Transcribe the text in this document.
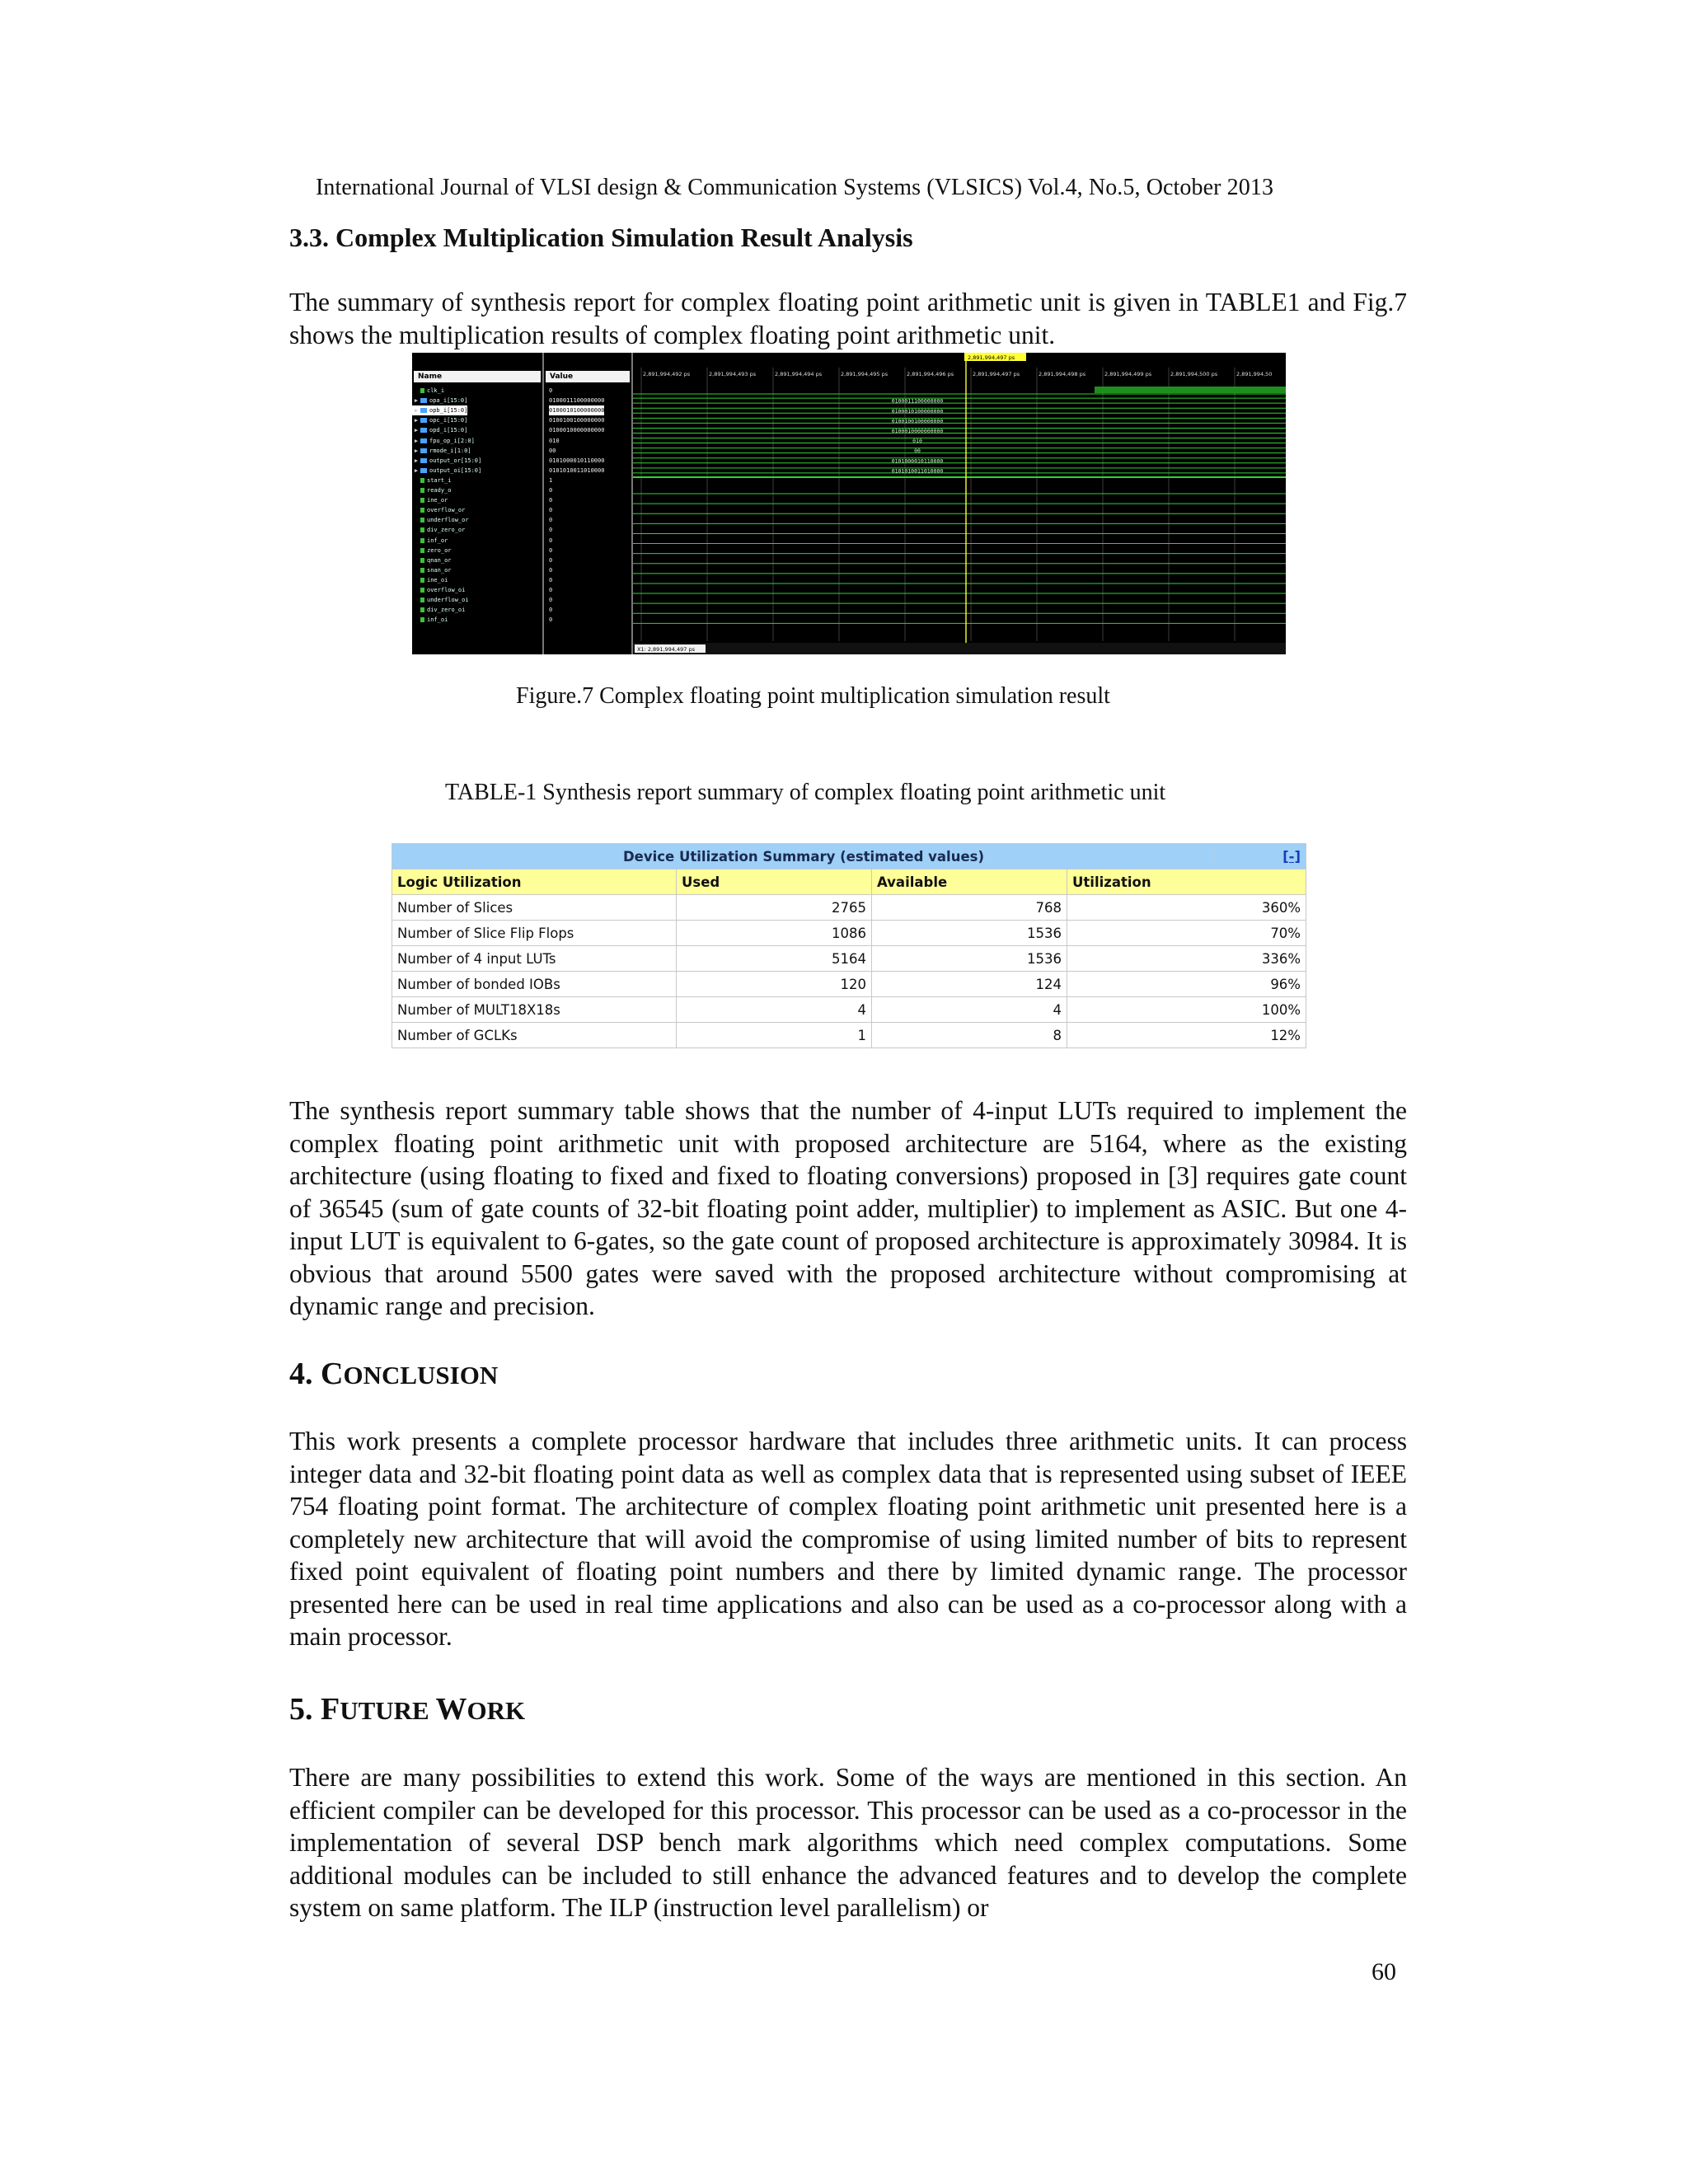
International Journal of VLSI design & Communication Systems (VLSICS) Vol.4, No.5, October 2013
3.3. Complex Multiplication Simulation Result Analysis
The summary of synthesis report for complex floating point arithmetic unit is given in TABLE1 and Fig.7 shows the multiplication results of complex floating point arithmetic unit.
Name	Value
clk_i	0
▶ opa_i[15:0]	0100011100000000
▶ opb_i[15:0]	0100010100000000
▶ opc_i[15:0]	0100100100000000
▶ opd_i[15:0]	0100010000000000
▶ fpu_op_i[2:0]	010
▶ rmode_i[1:0]	00
▶ output_or[15:0]	0101000010110000
▶ output_oi[15:0]	0101010011010000
start_i	1
ready_o	0
ine_or	0
overflow_or	0
underflow_or	0
div_zero_or	0
inf_or	0
zero_or	0
qnan_or	0
snan_or	0
ine_oi	0
overflow_oi	0
underflow_oi	0
div_zero_oi	0
inf_oi	0
2,891,994,492 ps	2,891,994,493 ps	2,891,994,494 ps	2,891,994,495 ps	2,891,994,496 ps	2,891,994,497 ps	2,891,994,498 ps	2,891,994,499 ps	2,891,994,500 ps	2,891,994,50
2,891,994,497 ps
0100011100000000
0100010100000000
0100100100000000
0100010000000000
010
00
0101000010110000
0101010011010000
X1: 2,891,994,497 ps
Figure.7 Complex floating point multiplication simulation result
TABLE-1 Synthesis report summary of complex floating point arithmetic unit
Device Utilization Summary (estimated values)				[-]
Logic Utilization	Used	Available	Utilization	
Number of Slices	2765	768	360%	
Number of Slice Flip Flops	1086	1536	70%	
Number of 4 input LUTs	5164	1536	336%	
Number of bonded IOBs	120	124	96%	
Number of MULT18X18s	4	4	100%	
Number of GCLKs	1	8	12%	
The synthesis report summary table shows that the number of 4-input LUTs required to implement the complex floating point arithmetic unit with proposed architecture are 5164, where as the existing architecture (using floating to fixed and fixed to floating conversions) proposed in [3] requires gate count of 36545 (sum of gate counts of 32-bit floating point adder, multiplier) to implement as ASIC. But one 4-input LUT is equivalent to 6-gates, so the gate count of proposed architecture is approximately 30984. It is obvious that around 5500 gates were saved with the proposed architecture without compromising at dynamic range and precision.
4. CONCLUSION
This work presents a complete processor hardware that includes three arithmetic units. It can process integer data and 32-bit floating point data as well as complex data that is represented using subset of IEEE 754 floating point format. The architecture of complex floating point arithmetic unit presented here is a completely new architecture that will avoid the compromise of using limited number of bits to represent fixed point equivalent of floating point numbers and there by limited dynamic range. The processor presented here can be used in real time applications and also can be used as a co-processor along with a main processor.
5. FUTURE WORK
There are many possibilities to extend this work. Some of the ways are mentioned in this section. An efficient compiler can be developed for this processor. This processor can be used as a co-processor in the implementation of several DSP bench mark algorithms which need complex computations. Some additional modules can be included to still enhance the advanced features and to develop the complete system on same platform. The ILP (instruction level parallelism) or
60
